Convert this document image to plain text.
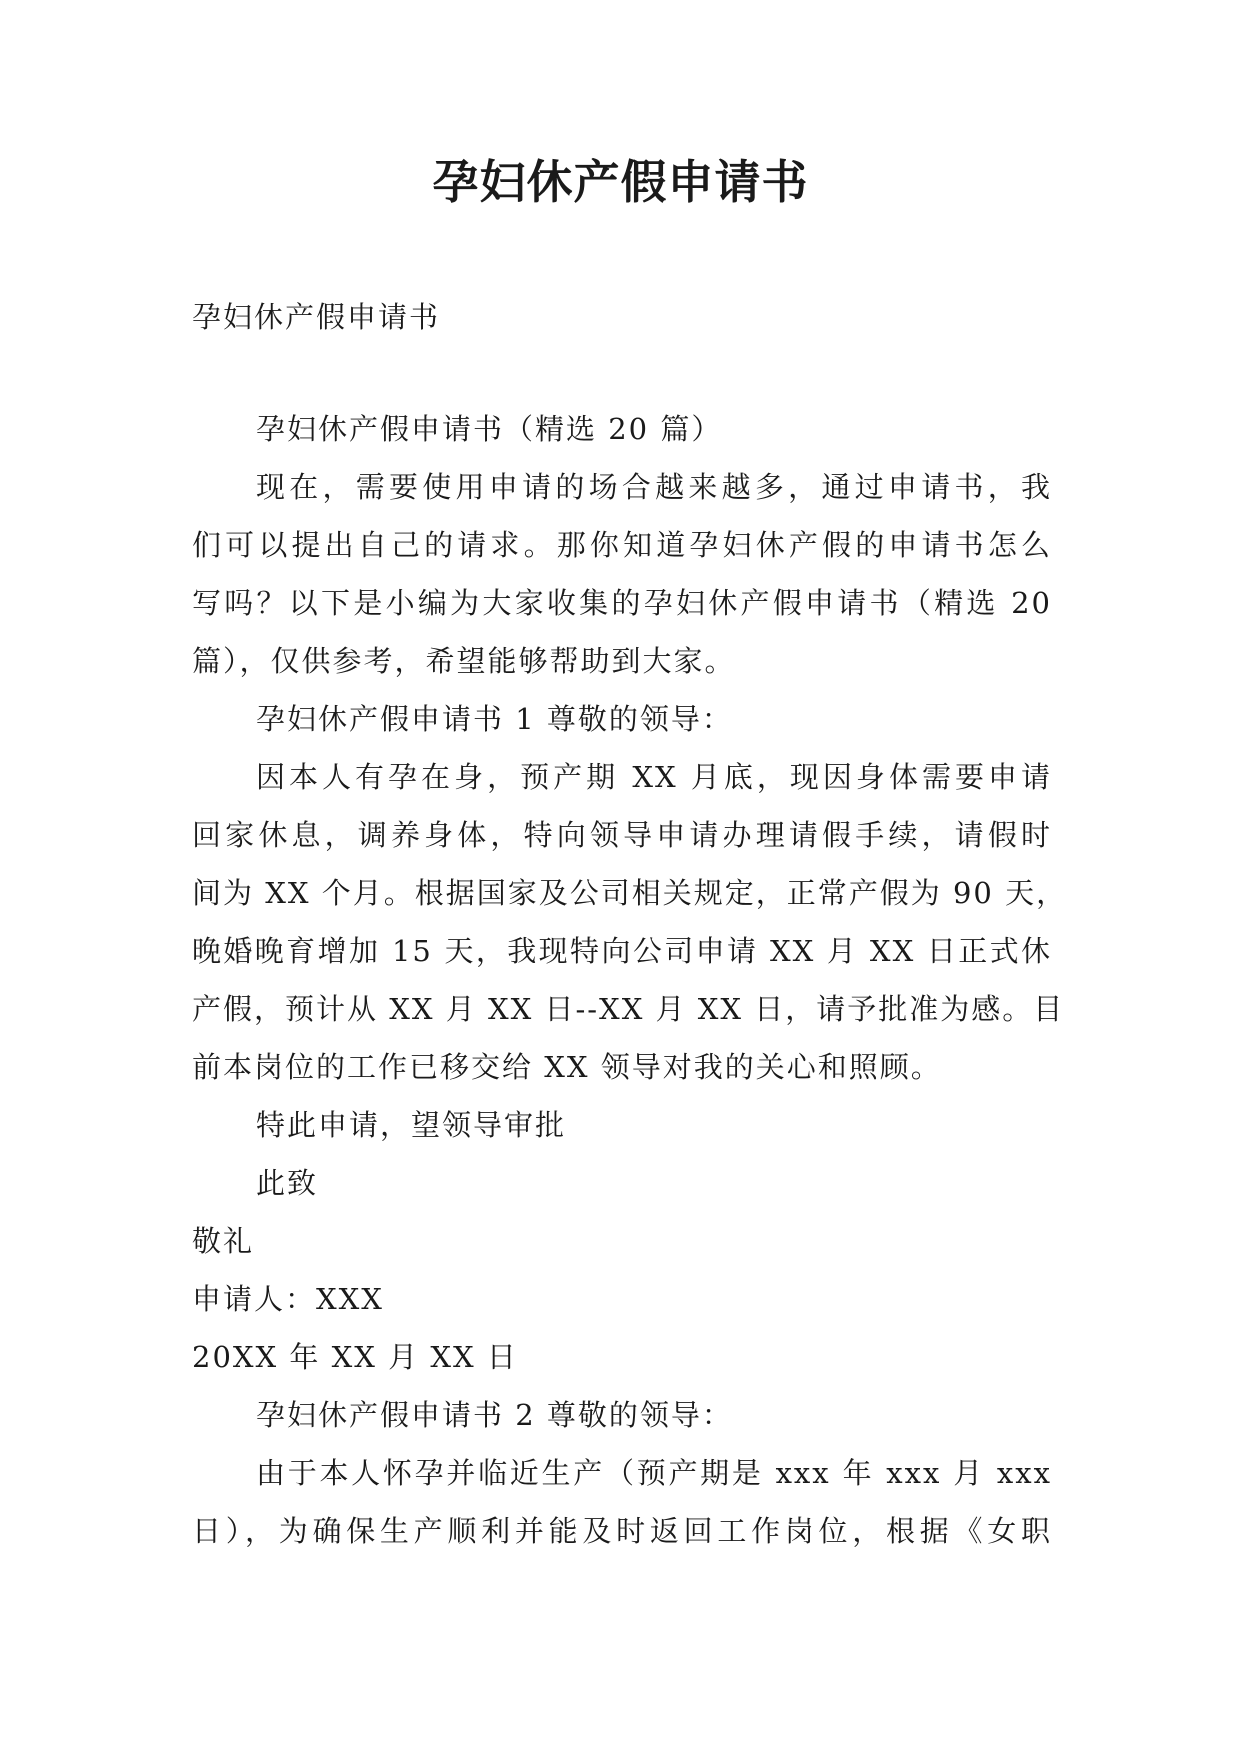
孕妇休产假申请书
孕妇休产假申请书
孕妇休产假申请书（精选 20 篇）
现在，需要使用申请的场合越来越多，通过申请书，我
们可以提出自己的请求。那你知道孕妇休产假的申请书怎么
写吗？以下是小编为大家收集的孕妇休产假申请书（精选 20
篇），仅供参考，希望能够帮助到大家。
孕妇休产假申请书 1 尊敬的领导：
因本人有孕在身，预产期 XX 月底，现因身体需要申请
回家休息，调养身体，特向领导申请办理请假手续，请假时
间为 XX 个月。根据国家及公司相关规定，正常产假为 90 天，
晚婚晚育增加 15 天，我现特向公司申请 XX 月 XX 日正式休
产假，预计从 XX 月 XX 日--XX 月 XX 日，请予批准为感。目
前本岗位的工作已移交给 XX 领导对我的关心和照顾。
特此申请，望领导审批
此致
敬礼
申请人：XXX
20XX 年 XX 月 XX 日
孕妇休产假申请书 2 尊敬的领导：
由于本人怀孕并临近生产（预产期是 xxx 年 xxx 月 xxx
日），为确保生产顺利并能及时返回工作岗位，根据《女职
